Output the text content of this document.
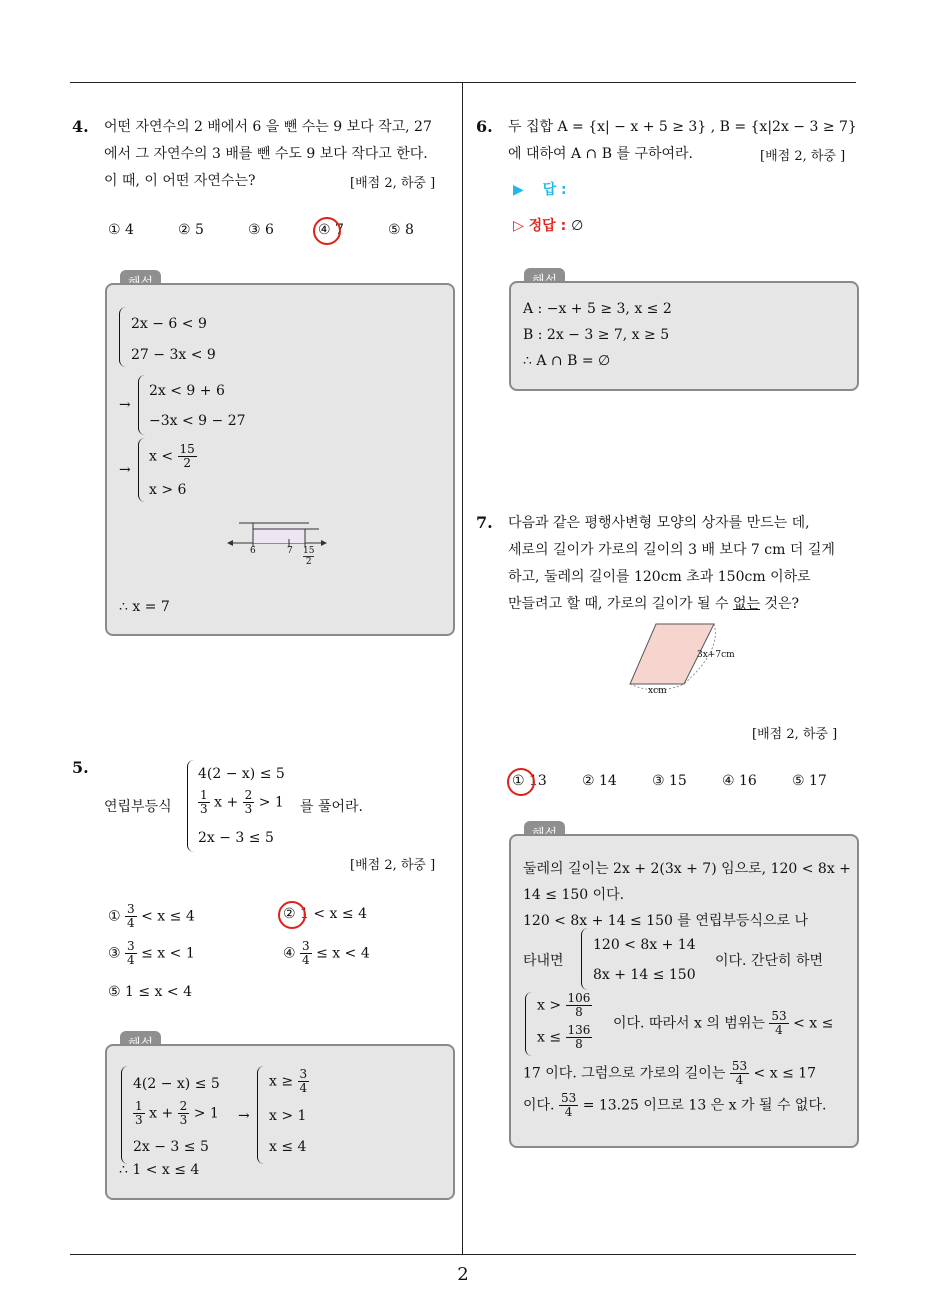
2
4. 어떤 자연수의 2 배에서 6 을 뺀 수는 9 보다 작고, 27
에서 그 자연수의 3 배를 뺀 수도 9 보다 작다고 한다.
이 때, 이 어떤 자연수는?	[배점 2, 하중 ]
① 4	② 5	③ 6	④ 7	⑤ 8
2x − 6 < 9
27 − 3x < 9
→
2x < 9 + 6
−3x < 9 − 27
→
$x < \frac{15}{2}$
x > 6
6	7 15
2
∴ x = 7
5.
연립부등식
4(2 − x) ≤ 5
$\frac{1}{3}$ $x + \frac{2}{3} > 1$
2x − 3 ≤ 5
를 풀어라.
[배점 2, 하중 ]
① $\frac{3}{4} < x \le 4$	② 1 < x ≤ 4
③ $\frac{3}{4} \le x < 1$	④ $\frac{3}{4} \le x < 4$
⑤ 1 ≤ x < 4
4(2 − x) ≤ 5
$\frac{1}{3}$ $x + \frac{2}{3} > 1$
2x − 3 ≤ 5
→
$x \ge \frac{3}{4}$
x > 1
x ≤ 4
∴ 1 < x ≤ 4
6. 두 집합 A = {x| − x + 5 ≥ 3} , B = {x|2x − 3 ≥ 7}
에 대하여 A ∩ B 를 구하여라.	[배점 2, 하중 ]
▶ 답 :
▷ 정답 : ∅
A : −x + 5 ≥ 3, x ≤ 2
B : 2x − 3 ≥ 7, x ≥ 5
∴ A ∩ B = ∅
7. 다음과 같은 평행사변형 모양의 상자를 만드는 데,
세로의 길이가 가로의 길이의 3 배 보다 7 cm 더 길게
하고, 둘레의 길이를 120cm 초과 150cm 이하로
만들려고 할 때, 가로의 길이가 될 수 없는 것은?
3x+7cm
xcm
[배점 2, 하중 ]
① 13	② 14	③ 15	④ 16	⑤ 17
둘레의 길이는 2x + 2(3x + 7) 임으로, 120 < 8x +
14 ≤ 150 이다.
120 < 8x + 14 ≤ 150 를 연립부등식으로 나
타내면
120 < 8x + 14
8x + 14 ≤ 150
이다. 간단히 하면
$x > \frac{106}{8}$
$x \le \frac{136}{8}$
이다. 따라서 x 의 범위는 $\frac{53}{4} < x$ ≤
17 이다. 그럼으로 가로의 길이는 $\frac{53}{4} < x \le 17$
이다. $\frac{53}{4} = 13.25$ 이므로 13 은 x 가 될 수 없다.
